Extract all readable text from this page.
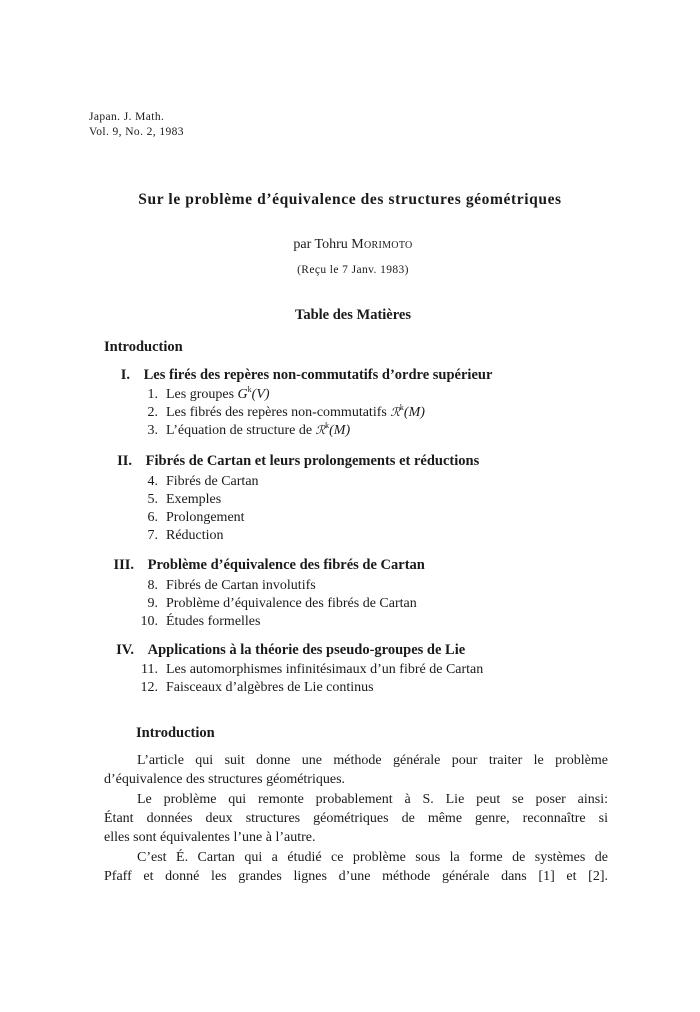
Japan. J. Math.
Vol. 9, No. 2, 1983
Sur le problème d’équivalence des structures géométriques
par Tohru Morimoto
(Reçu le 7 Janv. 1983)
Table des Matières
Introduction
I. Les firés des repères non-commutatifs d’ordre supérieur
1. Les groupes $G^k(V)$
2. Les fibrés des repères non-commutatifs ℛ$^k$(M)
3. L’équation de structure de ℛ$^k$(M)
II. Fibrés de Cartan et leurs prolongements et réductions
4. Fibrés de Cartan
5. Exemples
6. Prolongement
7. Réduction
III. Problème d’équivalence des fibrés de Cartan
8. Fibrés de Cartan involutifs
9. Problème d’équivalence des fibrés de Cartan
10. Études formelles
IV. Applications à la théorie des pseudo-groupes de Lie
11. Les automorphismes infinitésimaux d’un fibré de Cartan
12. Faisceaux d’algèbres de Lie continus
Introduction
L’article qui suit donne une méthode générale pour traiter le problème
d’équivalence des structures géométriques.
Le problème qui remonte probablement à S. Lie peut se poser ainsi:
Étant données deux structures géométriques de même genre, reconnaître si
elles sont équivalentes l’une à l’autre.
C’est É. Cartan qui a étudié ce problème sous la forme de systèmes de
Pfaff et donné les grandes lignes d’une méthode générale dans [1] et [2].
